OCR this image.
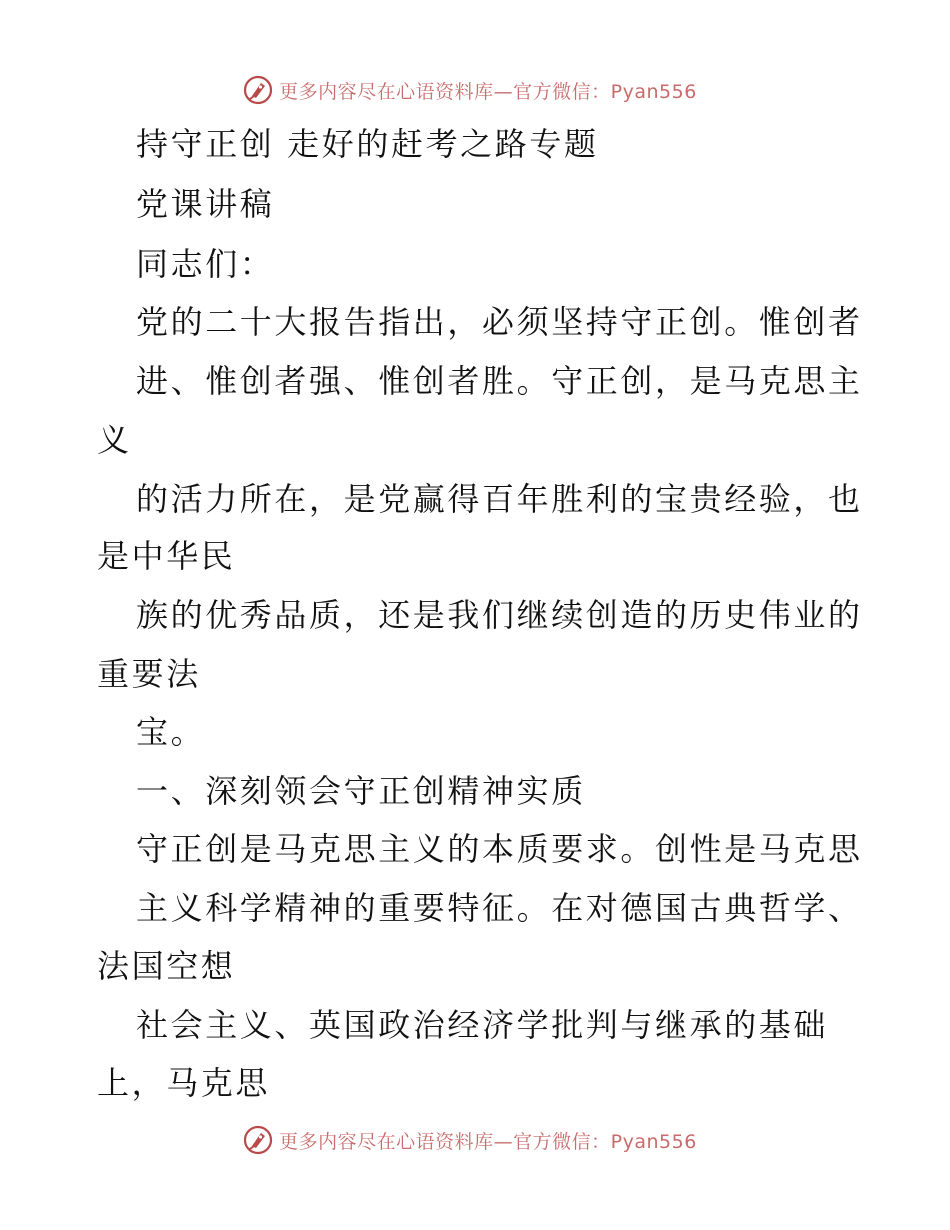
更多内容尽在心语资料库—官方微信：Pyan556
持守正创 走好的赶考之路专题
党课讲稿
同志们：
党的二十大报告指出，必须坚持守正创。惟创者
进、惟创者强、惟创者胜。守正创，是马克思主
义
的活力所在，是党赢得百年胜利的宝贵经验，也
是中华民
族的优秀品质，还是我们继续创造的历史伟业的
重要法
宝。
一、深刻领会守正创精神实质
守正创是马克思主义的本质要求。创性是马克思
主义科学精神的重要特征。在对德国古典哲学、
法国空想
社会主义、英国政治经济学批判与继承的基础
上，马克思
更多内容尽在心语资料库—官方微信：Pyan556
